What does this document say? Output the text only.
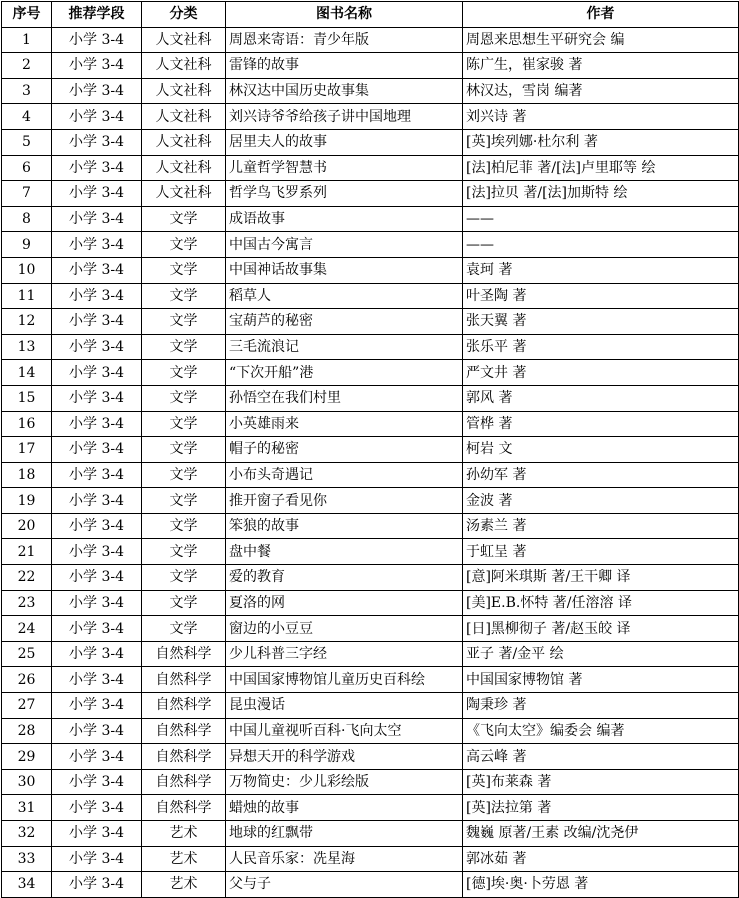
序号	推荐学段	分类	图书名称	作者
1	小学 3-4	人文社科	周恩来寄语：青少年版	周恩来思想生平研究会 编
2	小学 3-4	人文社科	雷锋的故事	陈广生，崔家骏 著
3	小学 3-4	人文社科	林汉达中国历史故事集	林汉达，雪岗 编著
4	小学 3-4	人文社科	刘兴诗爷爷给孩子讲中国地理	刘兴诗 著
5	小学 3-4	人文社科	居里夫人的故事	[英]埃列娜·杜尔利 著
6	小学 3-4	人文社科	儿童哲学智慧书	[法]柏尼菲 著/[法]卢里耶等 绘
7	小学 3-4	人文社科	哲学鸟飞罗系列	[法]拉贝 著/[法]加斯特 绘
8	小学 3-4	文学	成语故事	——
9	小学 3-4	文学	中国古今寓言	——
10	小学 3-4	文学	中国神话故事集	袁珂 著
11	小学 3-4	文学	稻草人	叶圣陶 著
12	小学 3-4	文学	宝葫芦的秘密	张天翼 著
13	小学 3-4	文学	三毛流浪记	张乐平 著
14	小学 3-4	文学	“下次开船”港	严文井 著
15	小学 3-4	文学	孙悟空在我们村里	郭风 著
16	小学 3-4	文学	小英雄雨来	管桦 著
17	小学 3-4	文学	帽子的秘密	柯岩 文
18	小学 3-4	文学	小布头奇遇记	孙幼军 著
19	小学 3-4	文学	推开窗子看见你	金波 著
20	小学 3-4	文学	笨狼的故事	汤素兰 著
21	小学 3-4	文学	盘中餐	于虹呈 著
22	小学 3-4	文学	爱的教育	[意]阿米琪斯 著/王干卿 译
23	小学 3-4	文学	夏洛的网	[美]E.B.怀特 著/任溶溶 译
24	小学 3-4	文学	窗边的小豆豆	[日]黑柳彻子 著/赵玉皎 译
25	小学 3-4	自然科学	少儿科普三字经	亚子 著/金平 绘
26	小学 3-4	自然科学	中国国家博物馆儿童历史百科绘	中国国家博物馆 著
27	小学 3-4	自然科学	昆虫漫话	陶秉珍 著
28	小学 3-4	自然科学	中国儿童视听百科·飞向太空	《飞向太空》编委会 编著
29	小学 3-4	自然科学	异想天开的科学游戏	高云峰 著
30	小学 3-4	自然科学	万物简史：少儿彩绘版	[英]布莱森 著
31	小学 3-4	自然科学	蜡烛的故事	[英]法拉第 著
32	小学 3-4	艺术	地球的红飘带	魏巍 原著/王素 改编/沈尧伊
33	小学 3-4	艺术	人民音乐家：冼星海	郭冰茹 著
34	小学 3-4	艺术	父与子	[德]埃·奥·卜劳恩 著
